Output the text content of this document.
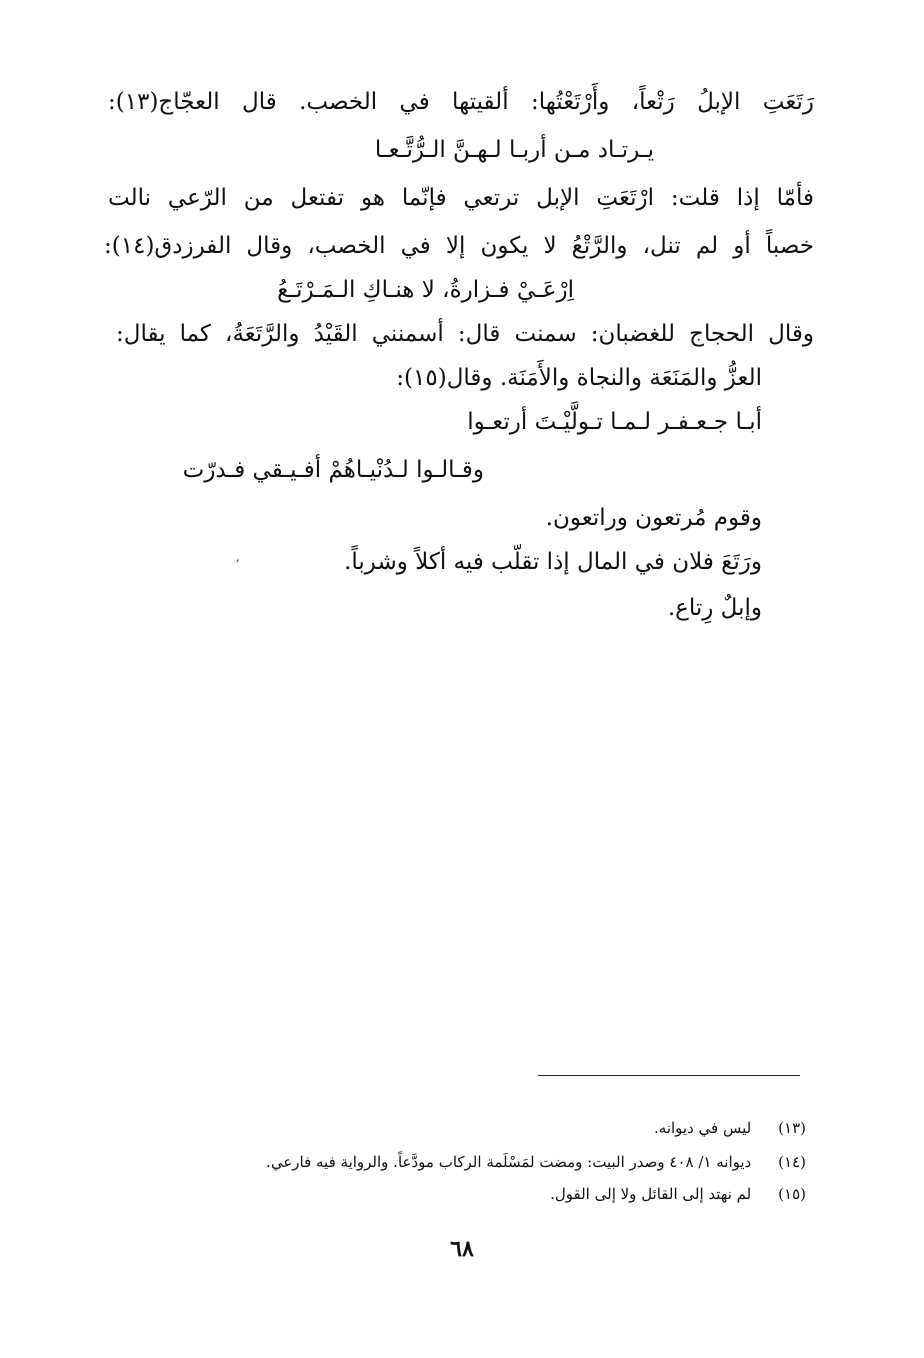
رَتَعَتِ الإبلُ رَتْعاً، وأَرْتَعْتُها: ألقيتها في الخصب. قال العجّاج(١٣):
يـرتـاد مـن أربـا لـهـنَّ الـرُّتَّـعـا
فأمّا إذا قلت: ارْتَعَتِ الإبل ترتعي فإنّما هو تفتعل من الرّعي نالت
خصباً أو لم تنل، والرَّتْعُ لا يكون إلا في الخصب، وقال الفرزدق(١٤):
اِرْعَـيْ فـزارةُ، لا هنـاكِ الـمَـرْتَـعُ
وقال الحجاج للغضبان: سمنت قال: أسمنني القَيْدُ والرَّتَعَةُ، كما يقال:
العزُّ والمَنَعَة والنجاة والأَمَنَة. وقال(١٥):
أبـا جـعـفـر لـمـا تـولَّيْـتَ أرتعـوا
وقـالـوا لـدُنْيـاهُمْ أفـيـقي فـدرّت
وقوم مُرتعون وراتعون.
ورَتَعَ فلان في المال إذا تقلّب فيه أكلاً وشرباً.
وإبلٌ رِتاع.
′
(١٣) ليس في ديوانه.
(١٤) ديوانه ١/ ٤٠٨ وصدر البيت: ومضت لمَسْلَمة الركاب مودَّعاً. والرواية فيه فارعي.
(١٥) لم نهتد إلى القائل ولا إلى القول.
٦٨
